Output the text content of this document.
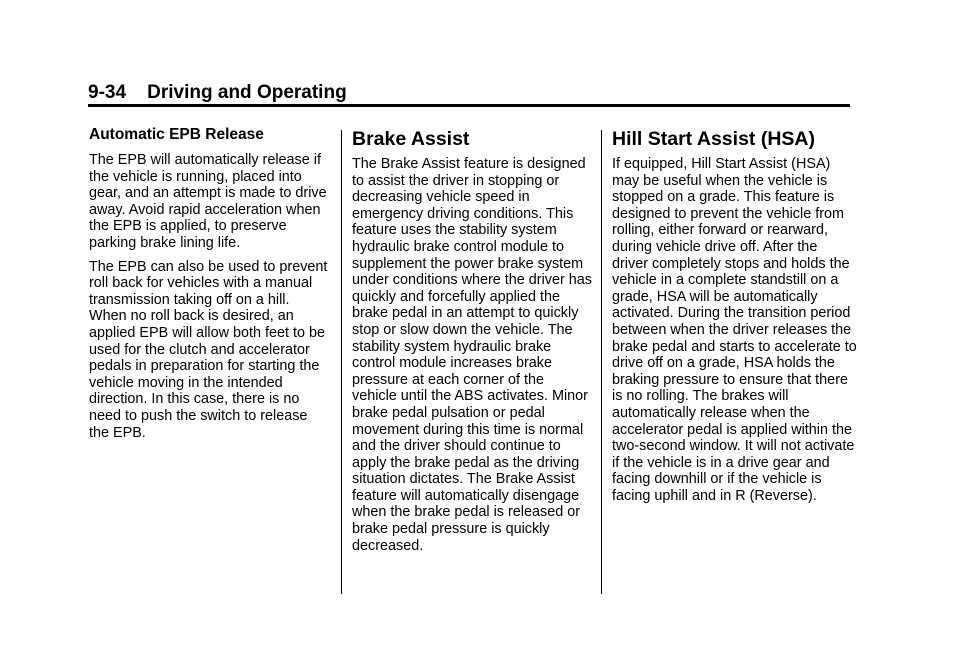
9-34 Driving and Operating
Automatic EPB Release

The EPB will automatically release if the vehicle is running, placed into gear, and an attempt is made to drive away. Avoid rapid acceleration when the EPB is applied, to preserve parking brake lining life.

The EPB can also be used to prevent roll back for vehicles with a manual transmission taking off on a hill. When no roll back is desired, an applied EPB will allow both feet to be used for the clutch and accelerator pedals in preparation for starting the vehicle moving in the intended direction. In this case, there is no need to push the switch to release the EPB.

Brake Assist

The Brake Assist feature is designed to assist the driver in stopping or decreasing vehicle speed in emergency driving conditions. This feature uses the stability system hydraulic brake control module to supplement the power brake system under conditions where the driver has quickly and forcefully applied the brake pedal in an attempt to quickly stop or slow down the vehicle. The stability system hydraulic brake control module increases brake pressure at each corner of the vehicle until the ABS activates. Minor brake pedal pulsation or pedal movement during this time is normal and the driver should continue to apply the brake pedal as the driving situation dictates. The Brake Assist feature will automatically disengage when the brake pedal is released or brake pedal pressure is quickly decreased.

Hill Start Assist (HSA)

If equipped, Hill Start Assist (HSA) may be useful when the vehicle is stopped on a grade. This feature is designed to prevent the vehicle from rolling, either forward or rearward, during vehicle drive off. After the driver completely stops and holds the vehicle in a complete standstill on a grade, HSA will be automatically activated. During the transition period between when the driver releases the brake pedal and starts to accelerate to drive off on a grade, HSA holds the braking pressure to ensure that there is no rolling. The brakes will automatically release when the accelerator pedal is applied within the two-second window. It will not activate if the vehicle is in a drive gear and facing downhill or if the vehicle is facing uphill and in R (Reverse).
